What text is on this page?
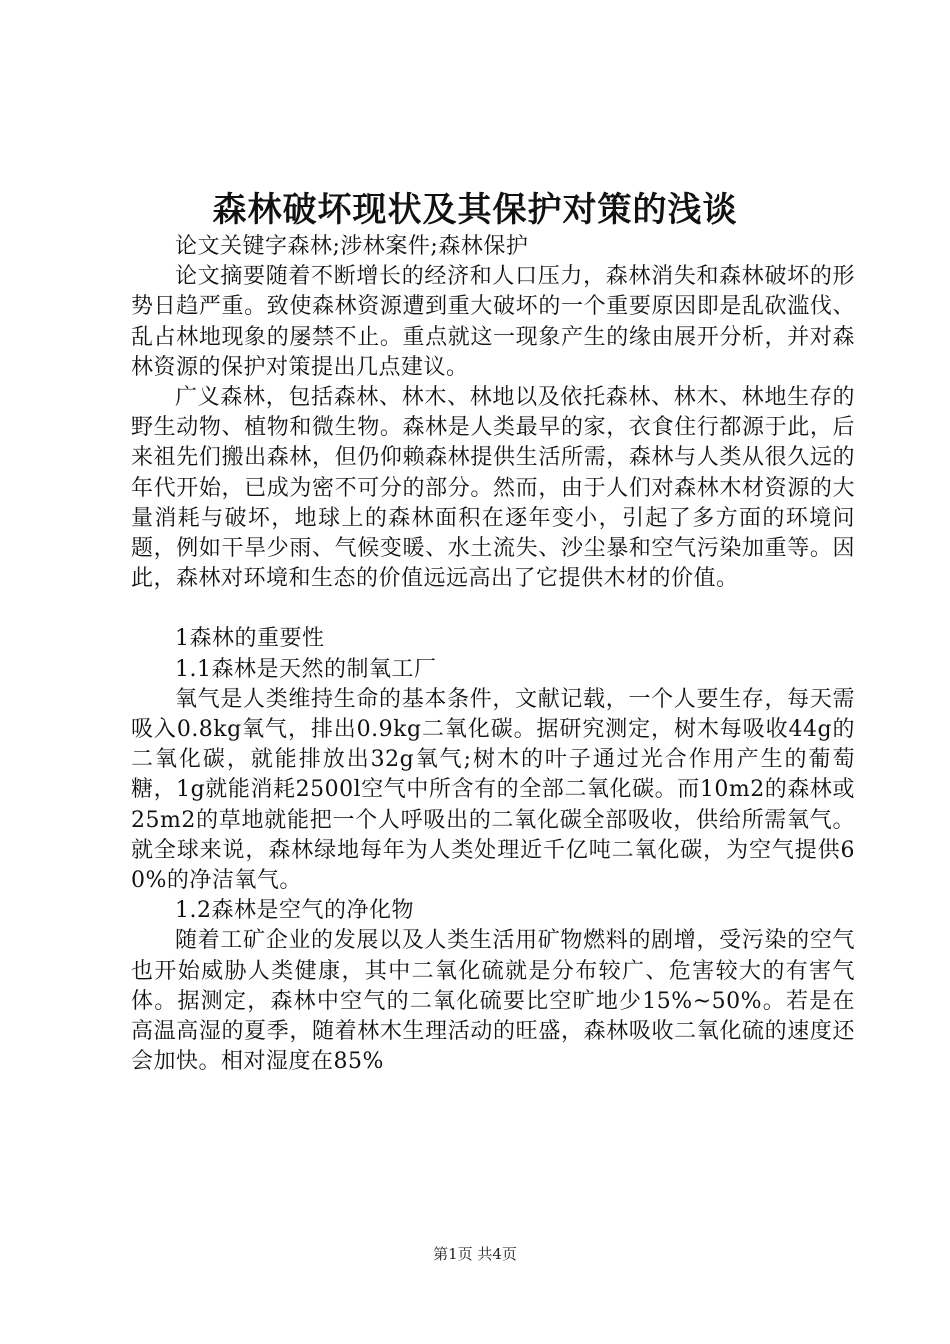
森林破坏现状及其保护对策的浅谈

论文关键字森林;涉林案件;森林保护

论文摘要随着不断增长的经济和人口压力，森林消失和森林破坏的形势日趋严重。致使森林资源遭到重大破坏的一个重要原因即是乱砍滥伐、乱占林地现象的屡禁不止。重点就这一现象产生的缘由展开分析，并对森林资源的保护对策提出几点建议。

广义森林，包括森林、林木、林地以及依托森林、林木、林地生存的野生动物、植物和微生物。森林是人类最早的家，衣食住行都源于此，后来祖先们搬出森林，但仍仰赖森林提供生活所需，森林与人类从很久远的年代开始，已成为密不可分的部分。然而，由于人们对森林木材资源的大量消耗与破坏，地球上的森林面积在逐年变小，引起了多方面的环境问题，例如干旱少雨、气候变暖、水土流失、沙尘暴和空气污染加重等。因此，森林对环境和生态的价值远远高出了它提供木材的价值。

1森林的重要性

1.1森林是天然的制氧工厂

氧气是人类维持生命的基本条件，文献记载，一个人要生存，每天需吸入0.8kg氧气，排出0.9kg二氧化碳。据研究测定，树木每吸收44g的二氧化碳，就能排放出32g氧气;树木的叶子通过光合作用产生的葡萄糖，1g就能消耗2500l空气中所含有的全部二氧化碳。而10m2的森林或25m2的草地就能把一个人呼吸出的二氧化碳全部吸收，供给所需氧气。就全球来说，森林绿地每年为人类处理近千亿吨二氧化碳，为空气提供60%的净洁氧气。

1.2森林是空气的净化物

随着工矿企业的发展以及人类生活用矿物燃料的剧增，受污染的空气也开始威胁人类健康，其中二氧化硫就是分布较广、危害较大的有害气体。据测定，森林中空气的二氧化硫要比空旷地少15%~50%。若是在高温高湿的夏季，随着林木生理活动的旺盛，森林吸收二氧化硫的速度还会加快。相对湿度在85%

第1页 共4页
